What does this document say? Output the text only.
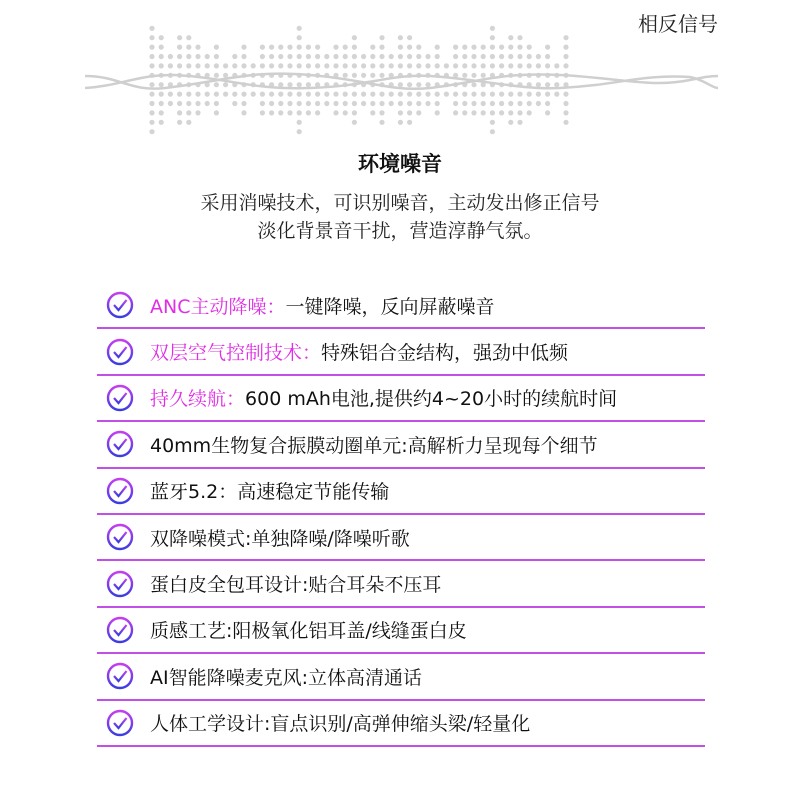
相反信号
环境噪音
采用消噪技术，可识别噪音，主动发出修正信号
淡化背景音干扰，营造淳静气氛。
ANC主动降噪： 一键降噪，反向屏蔽噪音
双层空气控制技术： 特殊铝合金结构，强劲中低频
持久续航： 600 mAh电池,提供约4~20小时的续航时间
40mm生物复合振膜动圈单元:高解析力呈现每个细节
蓝牙5.2：高速稳定节能传输
双降噪模式:单独降噪/降噪听歌
蛋白皮全包耳设计:贴合耳朵不压耳
质感工艺:阳极氧化铝耳盖/线缝蛋白皮
AI智能降噪麦克风:立体高清通话
人体工学设计:盲点识别/高弹伸缩头梁/轻量化
